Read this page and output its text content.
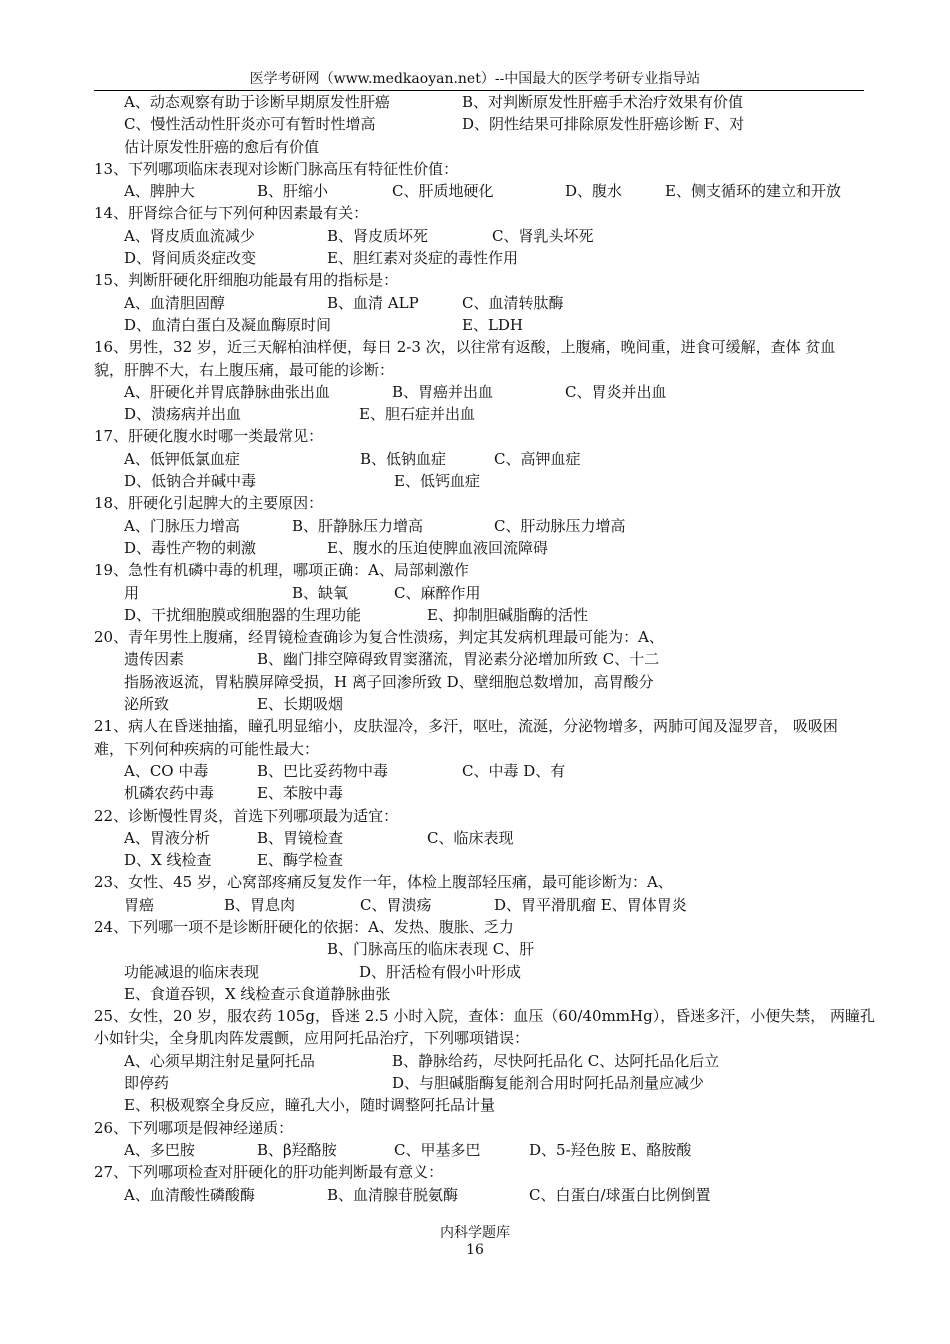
医学考研网（www.medkaoyan.net）--中国最大的医学考研专业指导站
A、动态观察有助于诊断早期原发性肝癌	B、对判断原发性肝癌手术治疗效果有价值
C、慢性活动性肝炎亦可有暂时性增高	D、阴性结果可排除原发性肝癌诊断 F、对
估计原发性肝癌的愈后有价值
13、下列哪项临床表现对诊断门脉高压有特征性价值：
A、脾肿大	B、肝缩小	C、肝质地硬化	D、腹水	E、侧支循环的建立和开放
14、肝肾综合征与下列何种因素最有关：
A、肾皮质血流减少	B、肾皮质坏死	C、肾乳头坏死
D、肾间质炎症改变	E、胆红素对炎症的毒性作用
15、判断肝硬化肝细胞功能最有用的指标是：
A、血清胆固醇	B、血清 ALP	C、血清转肽酶
D、血清白蛋白及凝血酶原时间	E、LDH
16、男性，32 岁，近三天解柏油样便，每日 2-3 次，以往常有返酸，上腹痛，晚间重，进食可缓解，查体 贫血
貌，肝脾不大，右上腹压痛，最可能的诊断：
A、肝硬化并胃底静脉曲张出血	B、胃癌并出血	C、胃炎并出血
D、溃疡病并出血	E、胆石症并出血
17、肝硬化腹水时哪一类最常见：
A、低钾低氯血症	B、低钠血症	C、高钾血症
D、低钠合并碱中毒	E、低钙血症
18、肝硬化引起脾大的主要原因：
A、门脉压力增高	B、肝静脉压力增高	C、肝动脉压力增高
D、毒性产物的刺激	E、腹水的压迫使脾血液回流障碍
19、急性有机磷中毒的机理，哪项正确：A、局部刺激作
用	B、缺氧	C、麻醉作用
D、干扰细胞膜或细胞器的生理功能	E、抑制胆碱脂酶的活性
20、青年男性上腹痛，经胃镜检查确诊为复合性溃疡，判定其发病机理最可能为：A、
遗传因素	B、幽门排空障碍致胃窦潴流，胃泌素分泌增加所致 C、十二
指肠液返流，胃粘膜屏障受损，H 离子回渗所致 D、壁细胞总数增加，高胃酸分
泌所致	E、长期吸烟
21、病人在昏迷抽搐，瞳孔明显缩小，皮肤湿冷，多汗，呕吐，流涎，分泌物增多，两肺可闻及湿罗音， 吸吸困
难，下列何种疾病的可能性最大：
A、CO 中毒	B、巴比妥药物中毒	C、中毒 D、有
机磷农药中毒	E、苯胺中毒
22、诊断慢性胃炎，首选下列哪项最为适宜：
A、胃液分析	B、胃镜检查	C、临床表现
D、X 线检查	E、酶学检查
23、女性、45 岁，心窝部疼痛反复发作一年，体检上腹部轻压痛，最可能诊断为：A、
胃癌	B、胃息肉	C、胃溃疡	D、胃平滑肌瘤 E、胃体胃炎
24、下列哪一项不是诊断肝硬化的依据：A、发热、腹胀、乏力
B、门脉高压的临床表现 C、肝
功能减退的临床表现	D、肝活检有假小叶形成
E、食道吞钡，X 线检查示食道静脉曲张
25、女性，20 岁，服农药 105g，昏迷 2.5 小时入院，查体：血压（60/40mmHg），昏迷多汗，小便失禁， 两瞳孔
小如针尖，全身肌肉阵发震颤，应用阿托品治疗，下列哪项错误：
A、心须早期注射足量阿托品	B、静脉给药，尽快阿托品化 C、达阿托品化后立
即停药	D、与胆碱脂酶复能剂合用时阿托品剂量应减少
E、积极观察全身反应，瞳孔大小，随时调整阿托品计量
26、下列哪项是假神经递质：
A、多巴胺	B、β羟酪胺	C、甲基多巴	D、5-羟色胺 E、酪胺酸
27、下列哪项检查对肝硬化的肝功能判断最有意义：
A、血清酸性磷酸酶	B、血清腺苷脱氨酶	C、白蛋白/球蛋白比例倒置
内科学题库
16
